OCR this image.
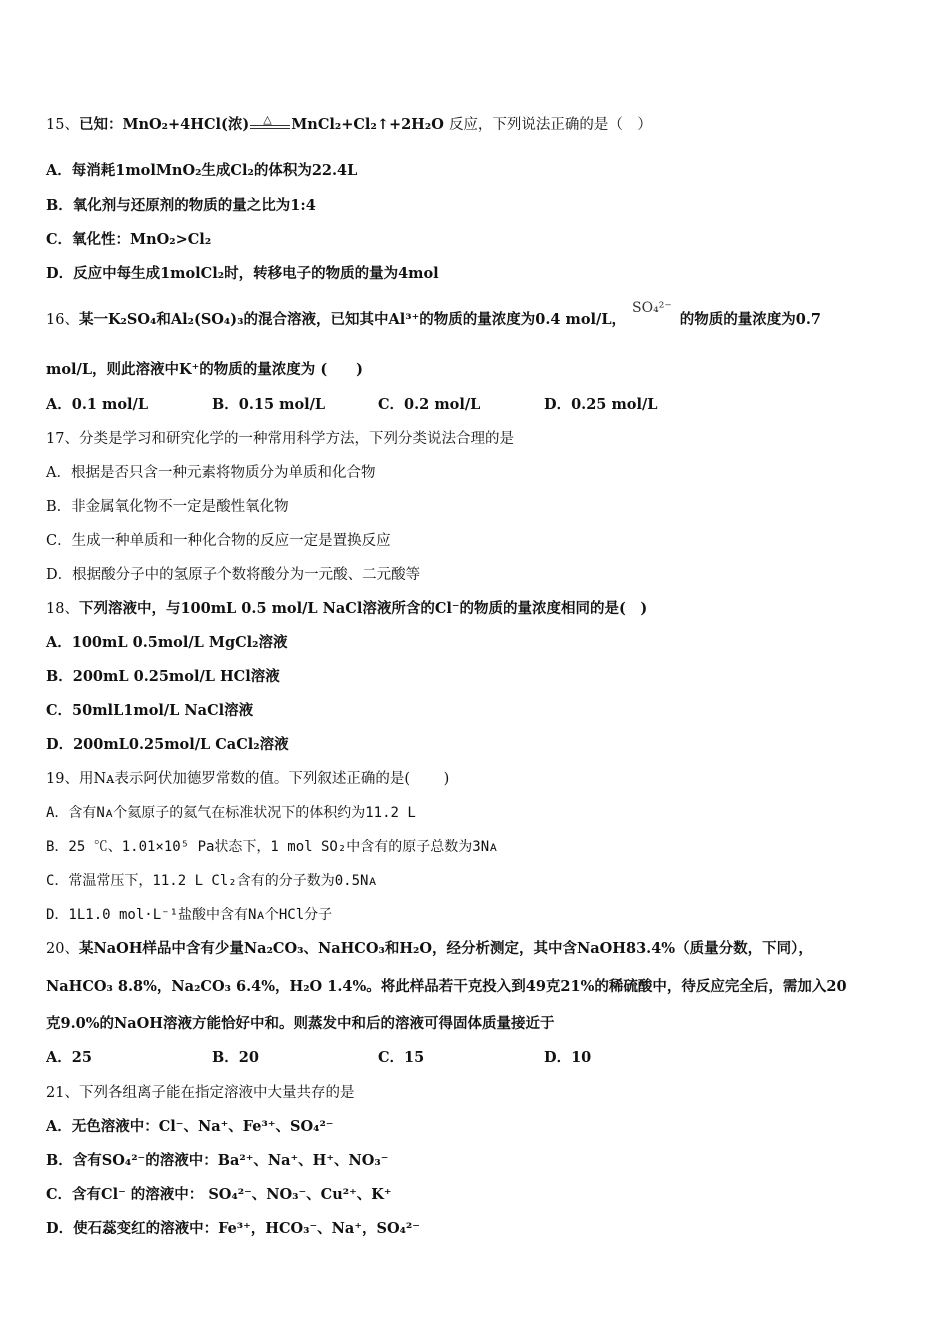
15、已知：MnO₂+4HCl(浓) △ MnCl₂+Cl₂↑+2H₂O 反应，下列说法正确的是（　）
A．每消耗1molMnO₂生成Cl₂的体积为22.4L
B．氧化剂与还原剂的物质的量之比为1:4
C．氧化性：MnO₂>Cl₂
D．反应中每生成1molCl₂时，转移电子的物质的量为4mol
16、某一K₂SO₄和Al₂(SO₄)₃的混合溶液，已知其中Al³⁺的物质的量浓度为0.4 mol/L，SO₄²⁻的物质的量浓度为0.7
mol/L，则此溶液中K⁺的物质的量浓度为 (　　)
A．0.1 mol/L	B．0.15 mol/L	C．0.2 mol/L	D．0.25 mol/L
17、分类是学习和研究化学的一种常用科学方法，下列分类说法合理的是
A．根据是否只含一种元素将物质分为单质和化合物
B．非金属氧化物不一定是酸性氧化物
C．生成一种单质和一种化合物的反应一定是置换反应
D．根据酸分子中的氢原子个数将酸分为一元酸、二元酸等
18、下列溶液中，与100mL 0.5 mol/L NaCl溶液所含的Cl⁻的物质的量浓度相同的是(　)
A．100mL 0.5mol/L MgCl₂溶液
B．200mL 0.25mol/L HCl溶液
C．50mlL1mol/L NaCl溶液
D．200mL0.25mol/L CaCl₂溶液
19、用Nᴀ表示阿伏加德罗常数的值。下列叙述正确的是(　　 )
A．含有Nᴀ个氦原子的氦气在标准状况下的体积约为11.2 L
B．25 ℃、1.01×10⁵ Pa状态下，1 mol SO₂中含有的原子总数为3Nᴀ
C．常温常压下，11.2 L Cl₂含有的分子数为0.5Nᴀ
D．1L1.0 mol·L⁻¹盐酸中含有Nᴀ个HCl分子
20、某NaOH样品中含有少量Na₂CO₃、NaHCO₃和H₂O，经分析测定，其中含NaOH83.4%（质量分数，下同），
NaHCO₃ 8.8%，Na₂CO₃ 6.4%，H₂O 1.4%。将此样品若干克投入到49克21%的稀硫酸中，待反应完全后，需加入20
克9.0%的NaOH溶液方能恰好中和。则蒸发中和后的溶液可得固体质量接近于
A．25	B．20	C．15	D．10
21、下列各组离子能在指定溶液中大量共存的是
A．无色溶液中：Cl⁻、Na⁺、Fe³⁺、SO₄²⁻
B．含有SO₄²⁻的溶液中：Ba²⁺、Na⁺、H⁺、NO₃⁻
C．含有Cl⁻ 的溶液中： SO₄²⁻、NO₃⁻、Cu²⁺、K⁺
D．使石蕊变红的溶液中：Fe³⁺，HCO₃⁻、Na⁺，SO₄²⁻
